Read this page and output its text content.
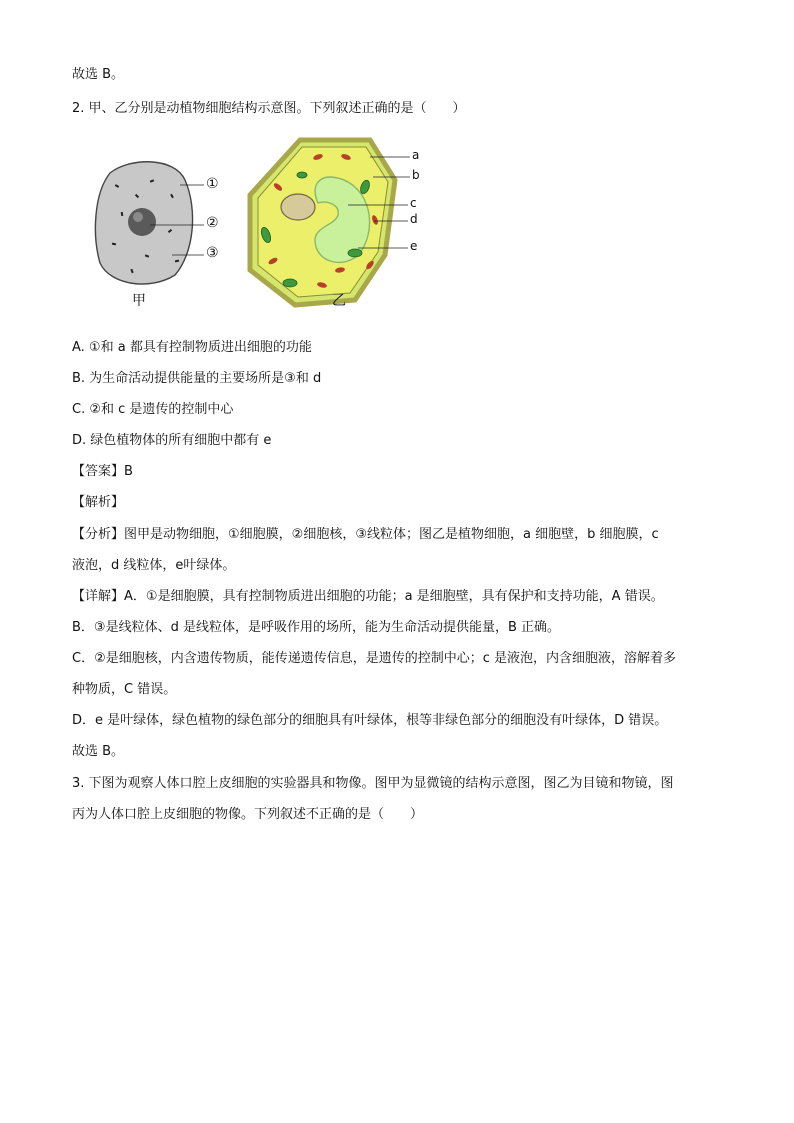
故选 B。
2. 甲、乙分别是动植物细胞结构示意图。下列叙述正确的是（　　）
①
②
③
a
b
c
d
e
甲	乙
A. ①和 a 都具有控制物质进出细胞的功能
B. 为生命活动提供能量的主要场所是③和 d
C. ②和 c 是遗传的控制中心
D. 绿色植物体的所有细胞中都有 e
【答案】B
【解析】
【分析】图甲是动物细胞，①细胞膜，②细胞核，③线粒体；图乙是植物细胞，a 细胞壁，b 细胞膜，c
液泡，d 线粒体，e叶绿体。
【详解】A．①是细胞膜，具有控制物质进出细胞的功能；a 是细胞壁，具有保护和支持功能，A 错误。
B．③是线粒体、d 是线粒体，是呼吸作用的场所，能为生命活动提供能量，B 正确。
C．②是细胞核，内含遗传物质，能传递遗传信息，是遗传的控制中心；c 是液泡，内含细胞液，溶解着多
种物质，C 错误。
D．e 是叶绿体，绿色植物的绿色部分的细胞具有叶绿体，根等非绿色部分的细胞没有叶绿体，D 错误。
故选 B。
3. 下图为观察人体口腔上皮细胞的实验器具和物像。图甲为显微镜的结构示意图，图乙为目镜和物镜，图
丙为人体口腔上皮细胞的物像。下列叙述不正确的是（　　）
